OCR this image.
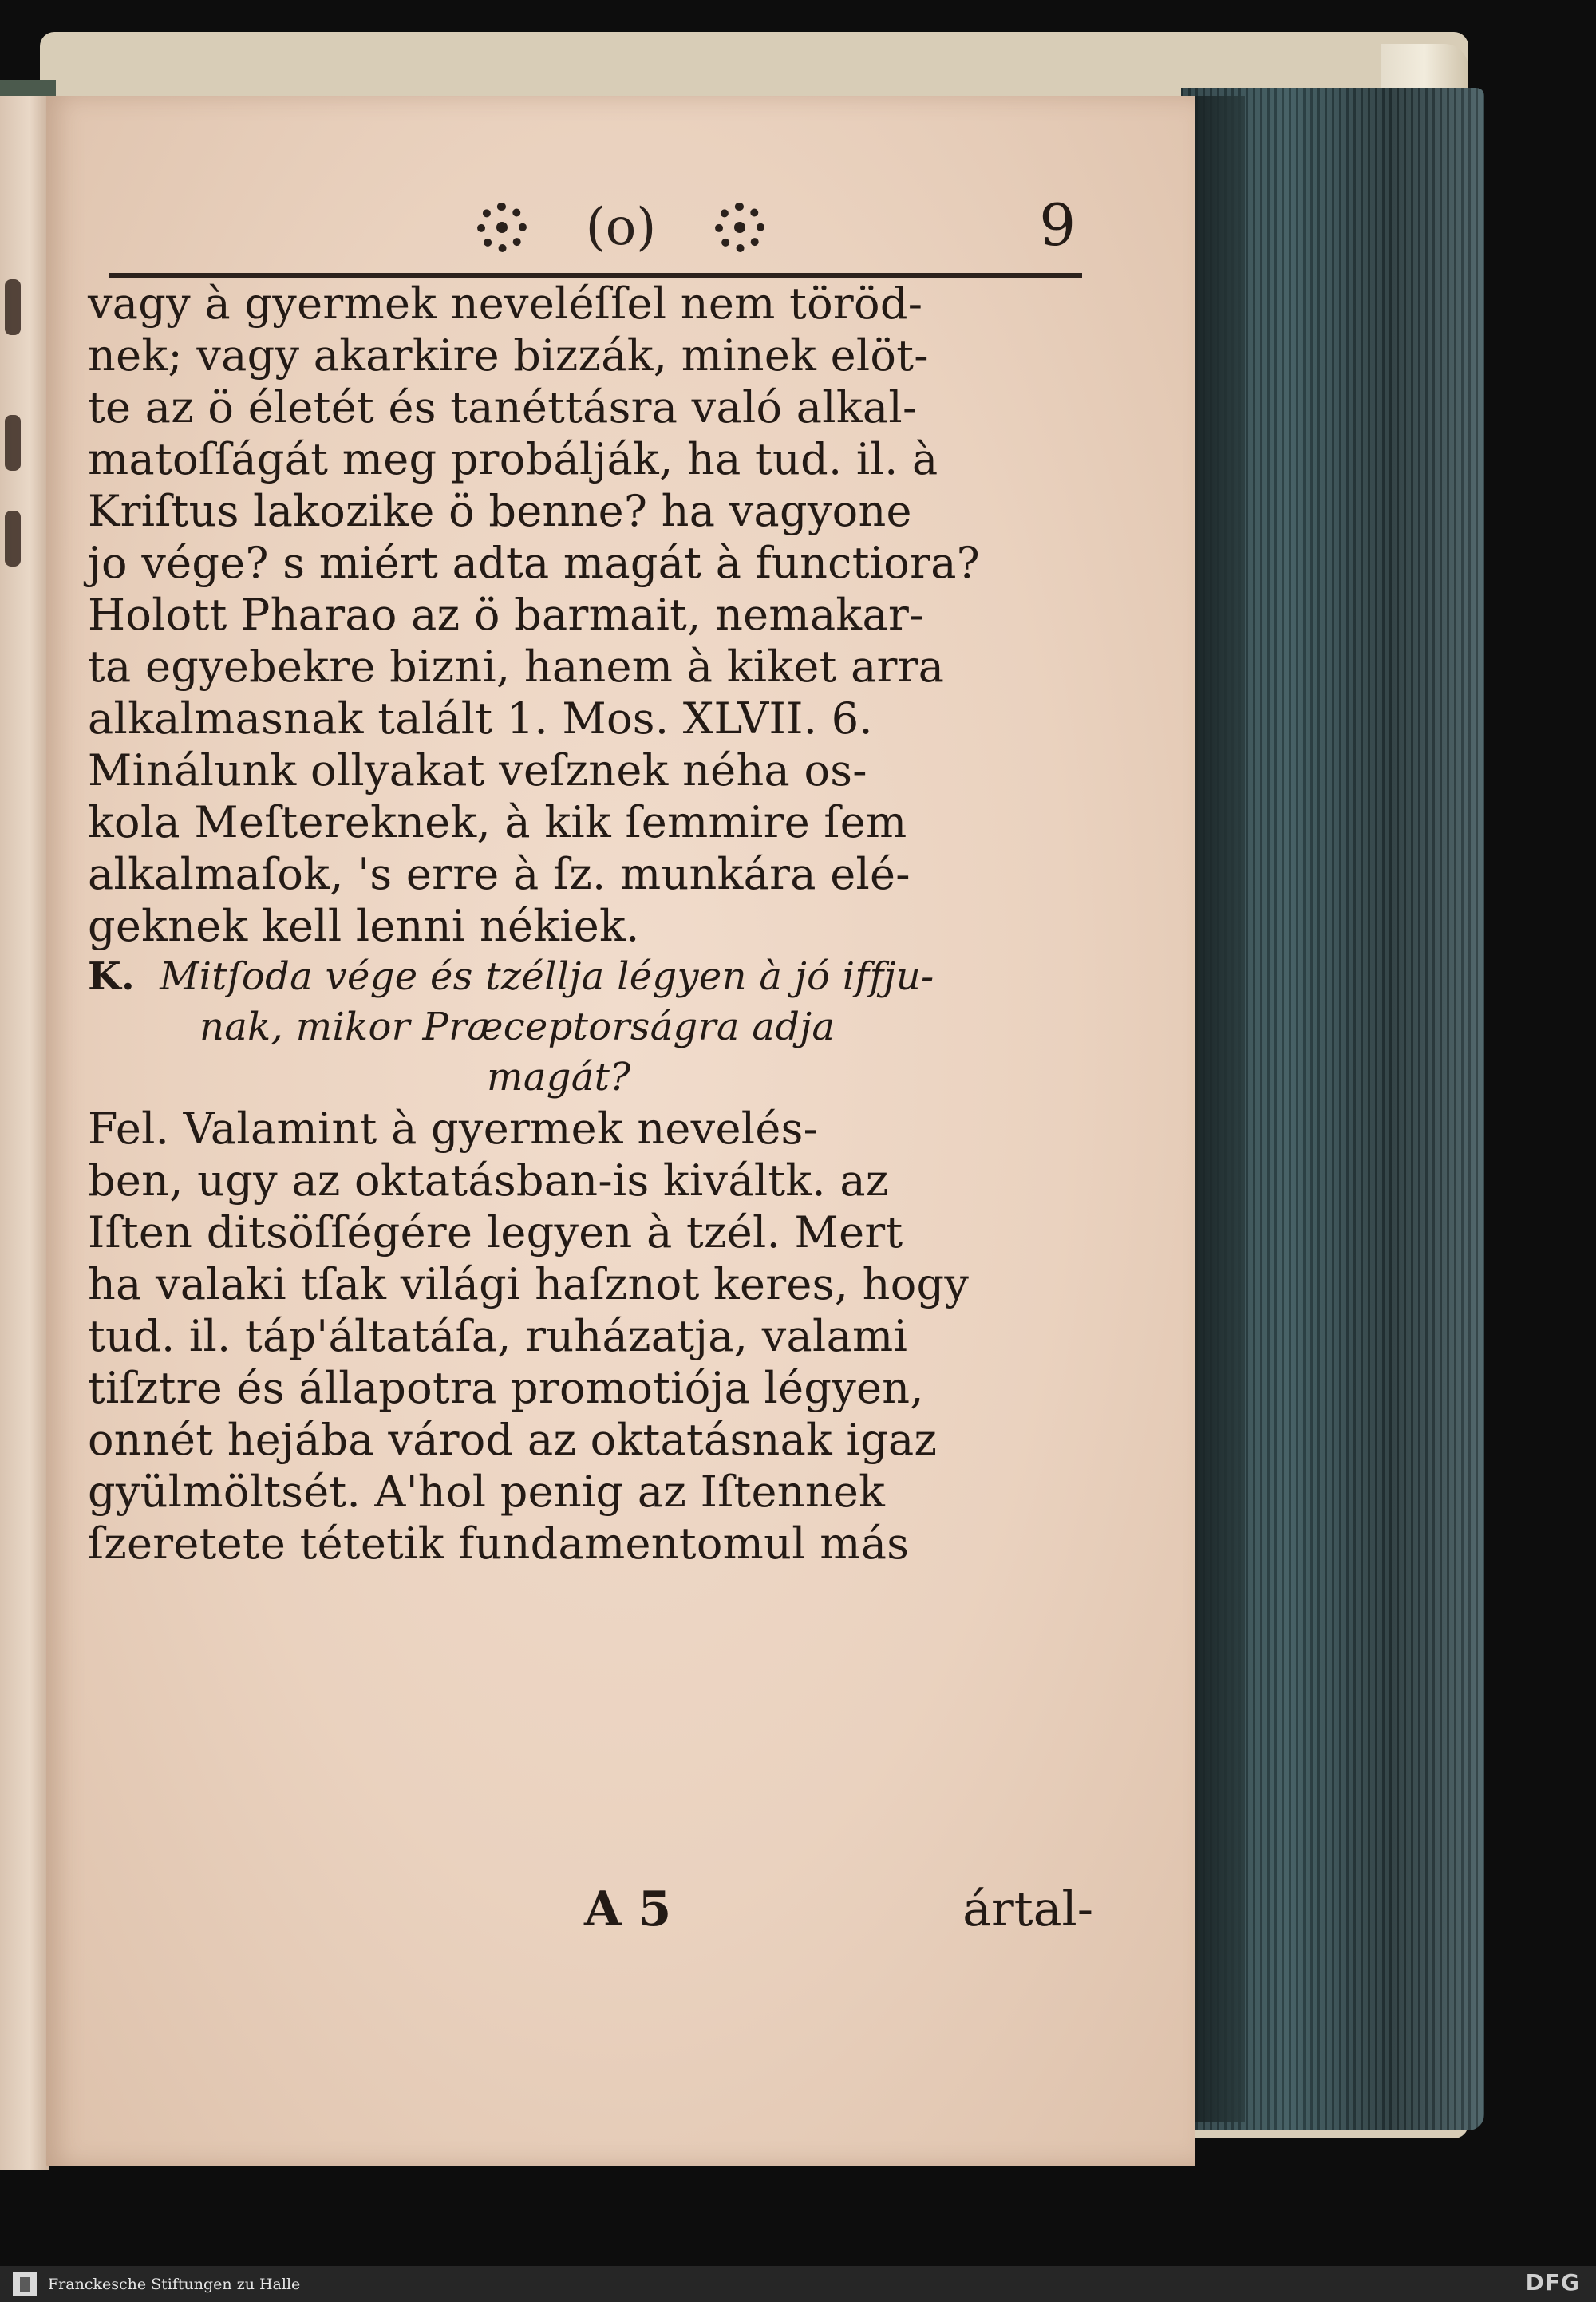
(o)	9
vagy à gyermek neveléſſel nem töröd-
nek; vagy akarkire bizzák, minek elöt-
te az ö életét és tanéttásra való alkal-
matoſſágát meg probálják, ha tud. il. à
Kriſtus lakozike ö benne? ha vagyone
jo vége? s miért adta magát à functiora?
Holott Pharao az ö barmait, nemakar-
ta egyebekre bizni, hanem à kiket arra
alkalmasnak talált 1. Mos. XLVII. 6.
Minálunk ollyakat veſznek néha os-
kola Meſtereknek, à kik ſemmire ſem
alkalmaſok, 's erre à ſz. munkára elé-
geknek kell lenni nékiek.
K. Mitſoda vége és tzéllja légyen à jó iffju-
nak, mikor Præceptorságra adja
magát?
Fel. Valamint à gyermek nevelés-
ben, ugy az oktatásban-is kiváltk. az
Iſten ditsöſſégére legyen à tzél. Mert
ha valaki tſak világi haſznot keres, hogy
tud. il. táp'áltatáſa, ruházatja, valami
tiſztre és állapotra promotiója légyen,
onnét hejába várod az oktatásnak igaz
gyülmöltsét. A'hol penig az Iſtennek
ſzeretete tétetik fundamentomul más
A 5	ártal-
Franckesche Stiftungen zu Halle	DFG
